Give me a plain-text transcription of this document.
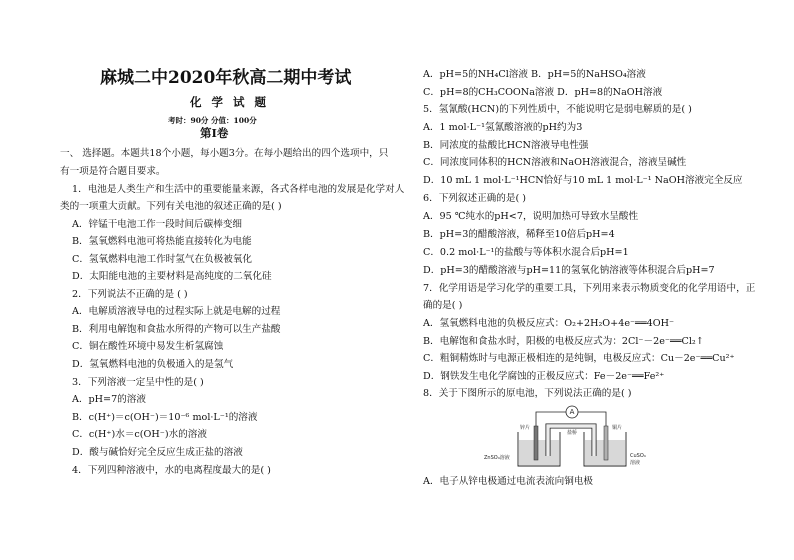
麻城二中2020年秋高二期中考试
化 学 试 题
考时：90分 分值：100分
第Ⅰ卷
一、 选择题。本题共18个小题，每小题3分。在每小题给出的四个选项中，只
有一项是符合题目要求。
1．电池是人类生产和生活中的重要能量来源，各式各样电池的发展是化学对人
类的一项重大贡献。下列有关电池的叙述正确的是( )
A．锌锰干电池工作一段时间后碳棒变细
B．氢氧燃料电池可将热能直接转化为电能
C．氢氧燃料电池工作时氢气在负极被氧化
D．太阳能电池的主要材料是高纯度的二氧化硅
2．下列说法不正确的是 ( )
A．电解质溶液导电的过程实际上就是电解的过程
B．利用电解饱和食盐水所得的产物可以生产盐酸
C．铜在酸性环境中易发生析氢腐蚀
D．氢氧燃料电池的负极通入的是氢气
3．下列溶液一定呈中性的是( )
A．pH=7的溶液
B．c(H⁺)＝c(OH⁻)＝10⁻⁶ mol·L⁻¹的溶液
C．c(H⁺)水＝c(OH⁻)水的溶液
D．酸与碱恰好完全反应生成正盐的溶液
4．下列四种溶液中，水的电离程度最大的是( )
A．pH=5的NH₄Cl溶液 B．pH=5的NaHSO₄溶液
C．pH=8的CH₃COONa溶液 D．pH=8的NaOH溶液
5．氢氰酸(HCN)的下列性质中，不能说明它是弱电解质的是( )
A．1 mol·L⁻¹氢氰酸溶液的pH约为3
B．同浓度的盐酸比HCN溶液导电性强
C．同浓度同体积的HCN溶液和NaOH溶液混合，溶液呈碱性
D．10 mL 1 mol·L⁻¹HCN恰好与10 mL 1 mol·L⁻¹ NaOH溶液完全反应
6．下列叙述正确的是( )
A．95 ℃纯水的pH<7，说明加热可导致水呈酸性
B．pH=3的醋酸溶液，稀释至10倍后pH=4
C．0.2 mol·L⁻¹的盐酸与等体积水混合后pH=1
D．pH=3的醋酸溶液与pH=11的氢氧化钠溶液等体积混合后pH=7
7．化学用语是学习化学的重要工具，下列用来表示物质变化的化学用语中，正
确的是( )
A．氢氧燃料电池的负极反应式：O₂+2H₂O+4e⁻══4OH⁻
B．电解饱和食盐水时，阳极的电极反应式为：2Cl⁻－2e⁻══Cl₂↑
C．粗铜精炼时与电源正极相连的是纯铜，电极反应式：Cu－2e⁻══Cu²⁺
D．钢铁发生电化学腐蚀的正极反应式：Fe－2e⁻══Fe²⁺
8．关于下图所示的原电池，下列说法正确的是( )
A．电子从锌电极通过电流表流向铜电极
A
锌片
盐桥
铜片
ZnSO₄溶液	CuSO₄
溶液
